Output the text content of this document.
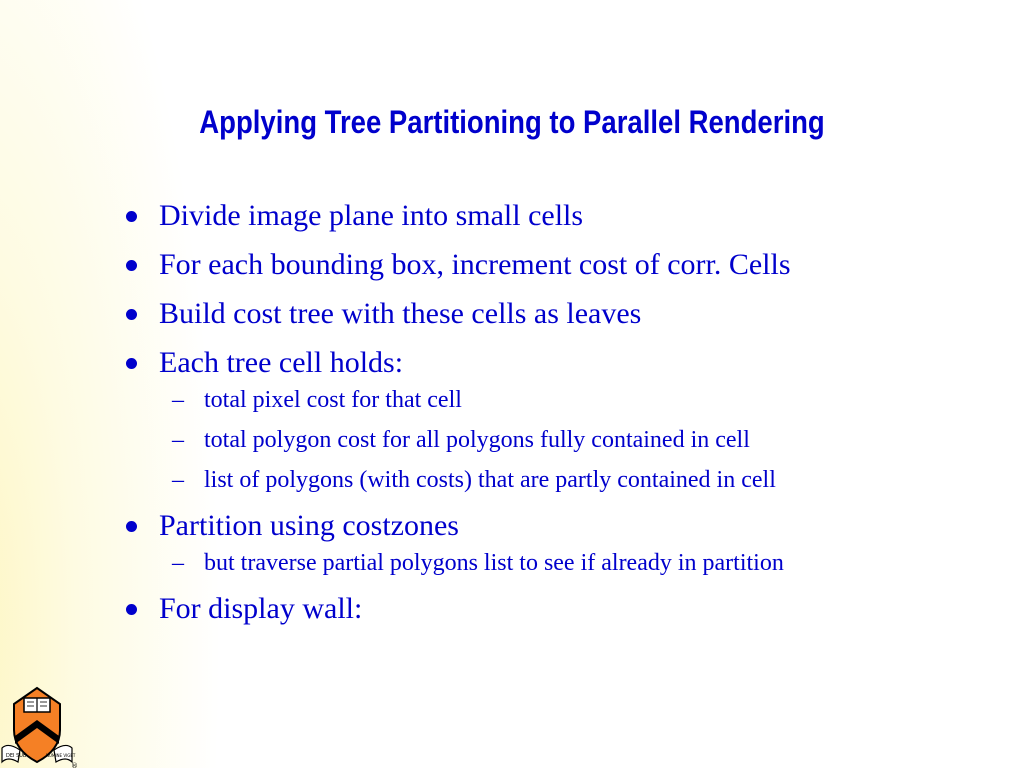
Applying Tree Partitioning to Parallel Rendering
Divide image plane into small cells
For each bounding box, increment cost of corr. Cells
Build cost tree with these cells as leaves
Each tree cell holds:
– total pixel cost for that cell
– total polygon cost for all polygons fully contained in cell
– list of polygons (with costs) that are partly contained in cell
Partition using costzones
– but traverse partial polygons list to see if already in partition
For display wall:
DEI SUB	NUMINE VIGET
®
